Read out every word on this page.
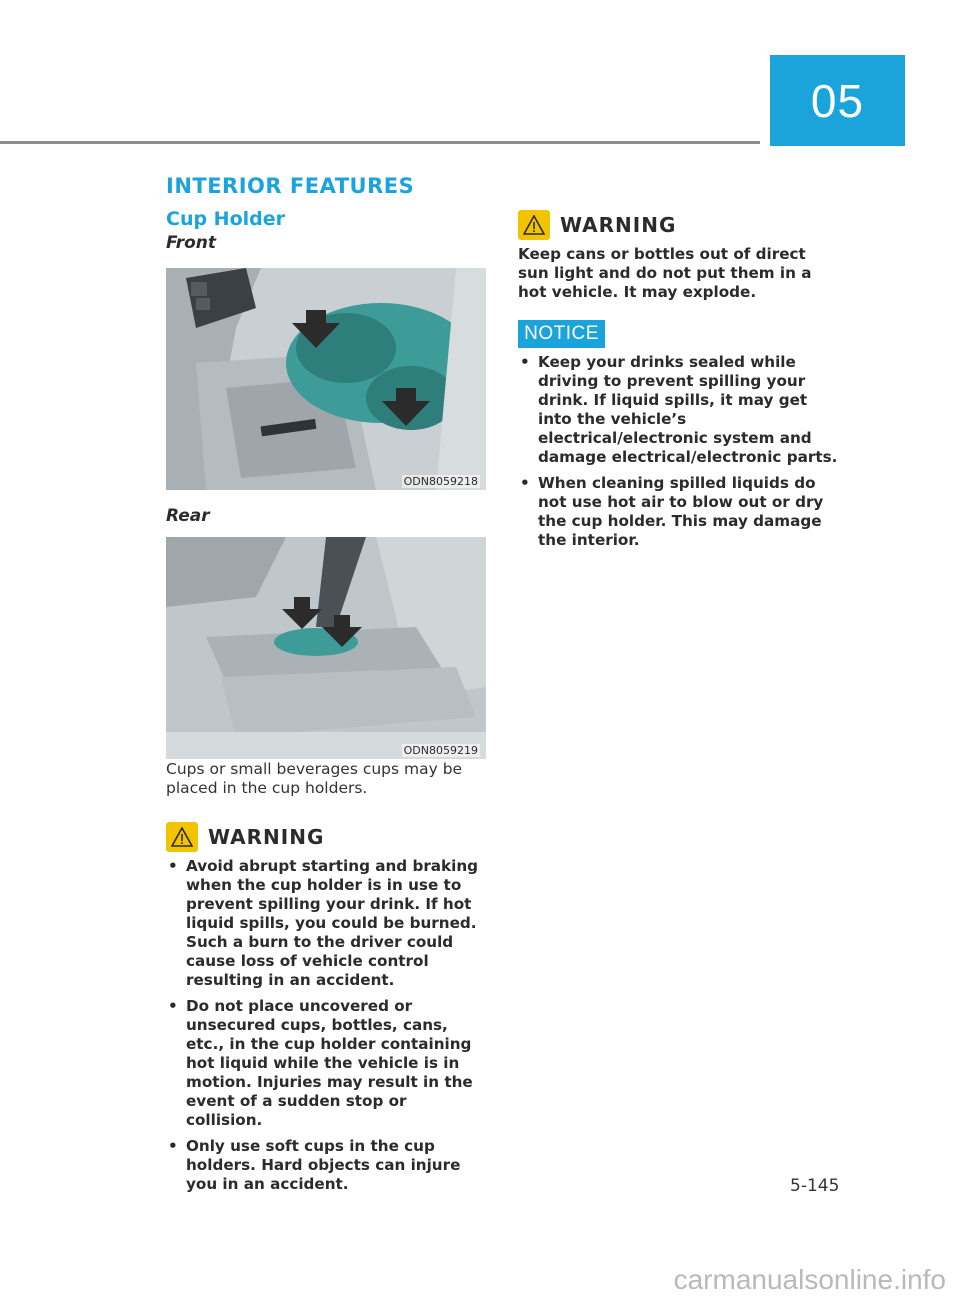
05
INTERIOR FEATURES
Cup Holder
Front
ODN8059218
Rear
ODN8059219

Cups or small beverages cups may be placed in the cup holders.

WARNING
• Avoid abrupt starting and braking when the cup holder is in use to prevent spilling your drink. If hot liquid spills, you could be burned. Such a burn to the driver could cause loss of vehicle control resulting in an accident.
• Do not place uncovered or unsecured cups, bottles, cans, etc., in the cup holder containing hot liquid while the vehicle is in motion. Injuries may result in the event of a sudden stop or collision.
• Only use soft cups in the cup holders. Hard objects can injure you in an accident.
WARNING

Keep cans or bottles out of direct sun light and do not put them in a hot vehicle. It may explode.

NOTICE
• Keep your drinks sealed while driving to prevent spilling your drink. If liquid spills, it may get into the vehicle’s electrical/electronic system and damage electrical/electronic parts.
• When cleaning spilled liquids do not use hot air to blow out or dry the cup holder. This may damage the interior.
5-145
carmanualsonline.info
